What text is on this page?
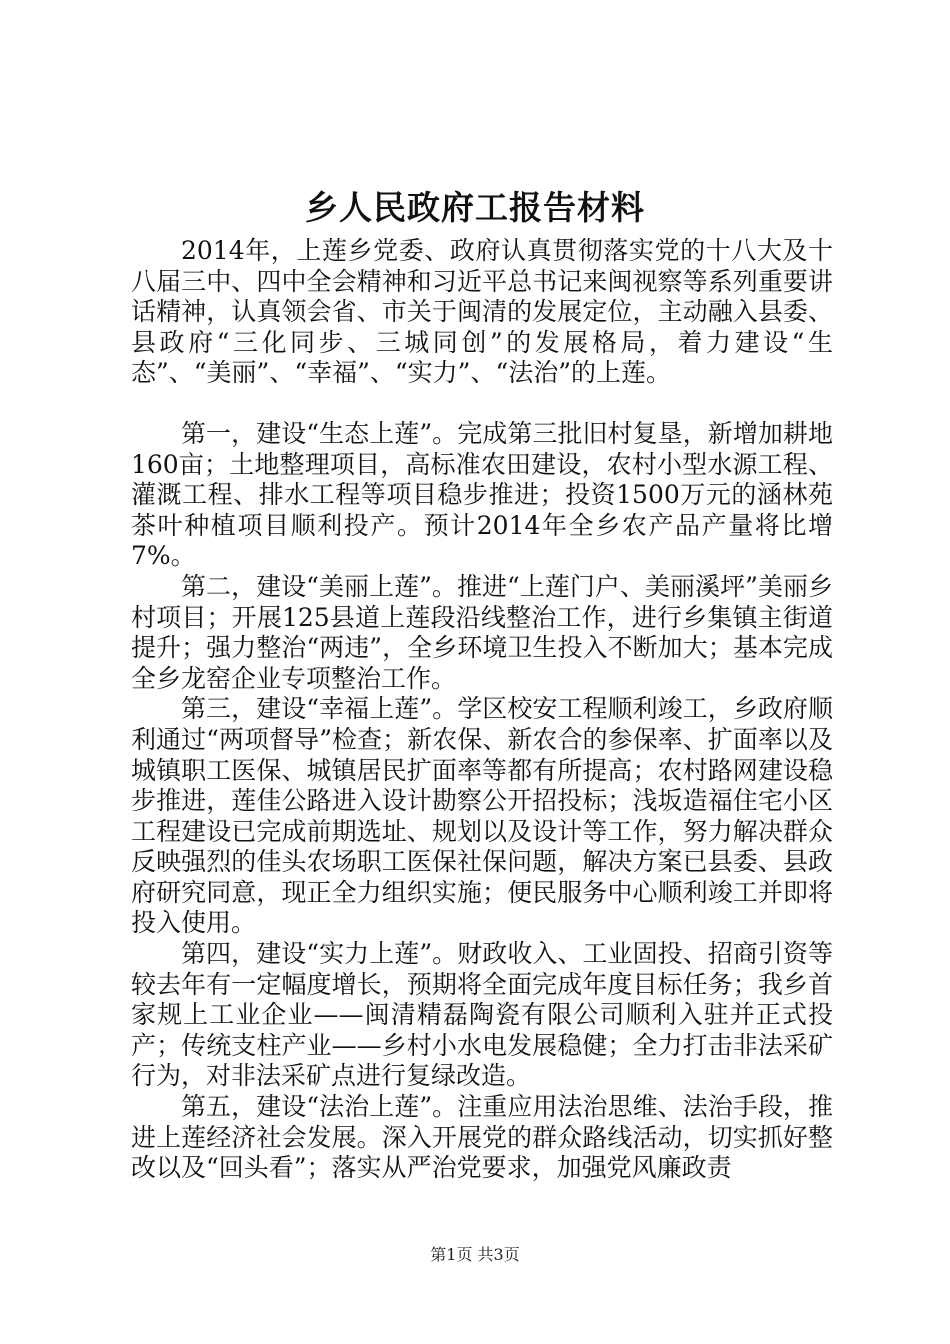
乡人民政府工报告材料

2014年，上莲乡党委、政府认真贯彻落实党的十八大及十八届三中、四中全会精神和习近平总书记来闽视察等系列重要讲话精神，认真领会省、市关于闽清的发展定位，主动融入县委、县政府“三化同步、三城同创”的发展格局，着力建设“生态”、“美丽”、“幸福”、“实力”、“法治”的上莲。

第一，建设“生态上莲”。完成第三批旧村复垦，新增加耕地160亩；土地整理项目，高标准农田建设，农村小型水源工程、灌溉工程、排水工程等项目稳步推进；投资1500万元的涵林苑茶叶种植项目顺利投产。预计2014年全乡农产品产量将比增7%。

第二，建设“美丽上莲”。推进“上莲门户、美丽溪坪”美丽乡村项目；开展125县道上莲段沿线整治工作，进行乡集镇主街道提升；强力整治“两违”，全乡环境卫生投入不断加大；基本完成全乡龙窑企业专项整治工作。

第三，建设“幸福上莲”。学区校安工程顺利竣工，乡政府顺利通过“两项督导”检查；新农保、新农合的参保率、扩面率以及城镇职工医保、城镇居民扩面率等都有所提高；农村路网建设稳步推进，莲佳公路进入设计勘察公开招投标；浅坂造福住宅小区工程建设已完成前期选址、规划以及设计等工作，努力解决群众反映强烈的佳头农场职工医保社保问题，解决方案已县委、县政府研究同意，现正全力组织实施；便民服务中心顺利竣工并即将投入使用。

第四，建设“实力上莲”。财政收入、工业固投、招商引资等较去年有一定幅度增长，预期将全面完成年度目标任务；我乡首家规上工业企业——闽清精磊陶瓷有限公司顺利入驻并正式投产；传统支柱产业——乡村小水电发展稳健；全力打击非法采矿行为，对非法采矿点进行复绿改造。

第五，建设“法治上莲”。注重应用法治思维、法治手段，推进上莲经济社会发展。深入开展党的群众路线活动，切实抓好整改以及“回头看”；落实从严治党要求，加强党风廉政责

第1页 共3页
